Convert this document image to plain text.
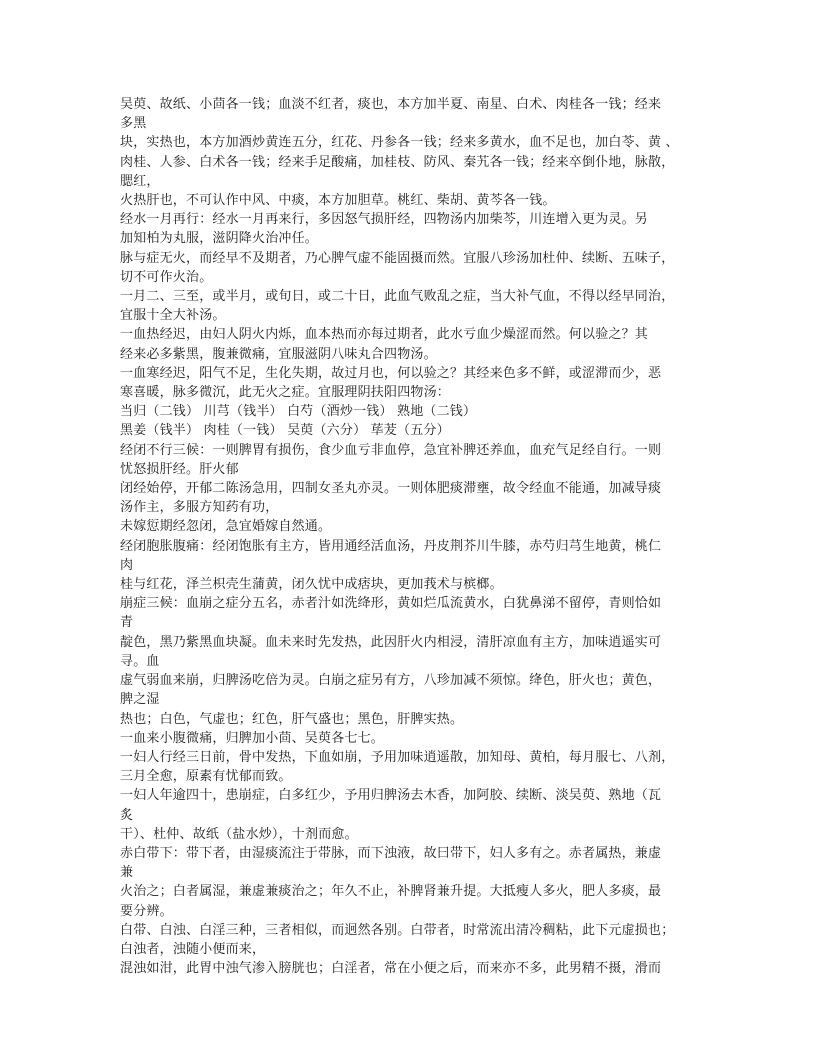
吴萸、故纸、小茴各一钱；血淡不红者，痰也，本方加半夏、南星、白术、肉桂各一钱；经来
多黑
块，实热也，本方加酒炒黄连五分，红花、丹参各一钱；经来多黄水，血不足也，加白苓、黄 、
肉桂、人参、白术各一钱；经来手足酸痛，加桂枝、防风、秦艽各一钱；经来卒倒仆地，脉散，
腮红，
火热肝也，不可认作中风、中痰，本方加胆草。桃红、柴胡、黄芩各一钱。
经水一月再行：经水一月再来行，多因怒气损肝经，四物汤内加柴芩，川连增入更为灵。另
加知柏为丸服，滋阴降火治冲任。
脉与症无火，而经早不及期者，乃心脾气虚不能固摄而然。宜服八珍汤加杜仲、续断、五味子，
切不可作火治。
一月二、三至，或半月，或旬日，或二十日，此血气败乱之症，当大补气血，不得以经早同治，
宜服十全大补汤。
一血热经迟，由妇人阴火内烁，血本热而亦每过期者，此水亏血少燥涩而然。何以验之？其
经来必多紫黑，腹兼微痛，宜服滋阴八味丸合四物汤。
一血寒经迟，阳气不足，生化失期，故过月也，何以验之？其经来色多不鲜，或涩滞而少，恶
寒喜暖，脉多微沉，此无火之症。宜服理阴扶阳四物汤：
当归（二钱） 川芎（钱半） 白芍（酒炒一钱） 熟地（二钱）
黑姜（钱半） 肉桂（一钱） 吴萸（六分） 荜茇（五分）
经闭不行三候：一则脾胃有损伤，食少血亏非血停，急宜补脾还养血，血充气足经自行。一则
忧怒损肝经。肝火郁
闭经始停，开郁二陈汤急用，四制女圣丸亦灵。一则体肥痰滞壅，故令经血不能通，加减导痰
汤作主，多服方知药有功，
未嫁愆期经忽闭，急宜婚嫁自然通。
经闭胞胀腹痛：经闭饱胀有主方，皆用通经活血汤，丹皮荆芥川牛膝，赤芍归芎生地黄，桃仁
肉
桂与红花，泽兰枳壳生蒲黄，闭久忧中成痞块，更加莪术与槟榔。
崩症三候：血崩之症分五名，赤者汁如洗绛形，黄如烂瓜流黄水，白犹鼻涕不留停，青则恰如
青
靛色，黑乃紫黑血块凝。血未来时先发热，此因肝火内相浸，清肝凉血有主方，加味逍遥实可
寻。血
虚气弱血来崩，归脾汤吃倍为灵。白崩之症另有方，八珍加减不须惊。绛色，肝火也；黄色，
脾之湿
热也；白色，气虚也；红色，肝气盛也；黑色，肝脾实热。
一血来小腹微痛，归脾加小茴、吴萸各七七。
一妇人行经三日前，骨中发热，下血如崩，予用加味逍遥散，加知母、黄柏，每月服七、八剂，
三月全愈，原素有忧郁而致。
一妇人年逾四十，患崩症，白多红少，予用归脾汤去木香，加阿胶、续断、淡吴萸、熟地（瓦
炙
干）、杜仲、故纸（盐水炒），十剂而愈。
赤白带下：带下者，由湿痰流注于带脉，而下浊液，故曰带下，妇人多有之。赤者属热，兼虚
兼
火治之；白者属湿，兼虚兼痰治之；年久不止，补脾肾兼升提。大抵瘦人多火，肥人多痰，最
要分辨。
白带、白浊、白淫三种，三者相似，而迥然各别。白带者，时常流出清冷稠粘，此下元虚损也；
白浊者，浊随小便而来，
混浊如泔，此胃中浊气渗入膀胱也；白淫者，常在小便之后，而来亦不多，此男精不摄，滑而
